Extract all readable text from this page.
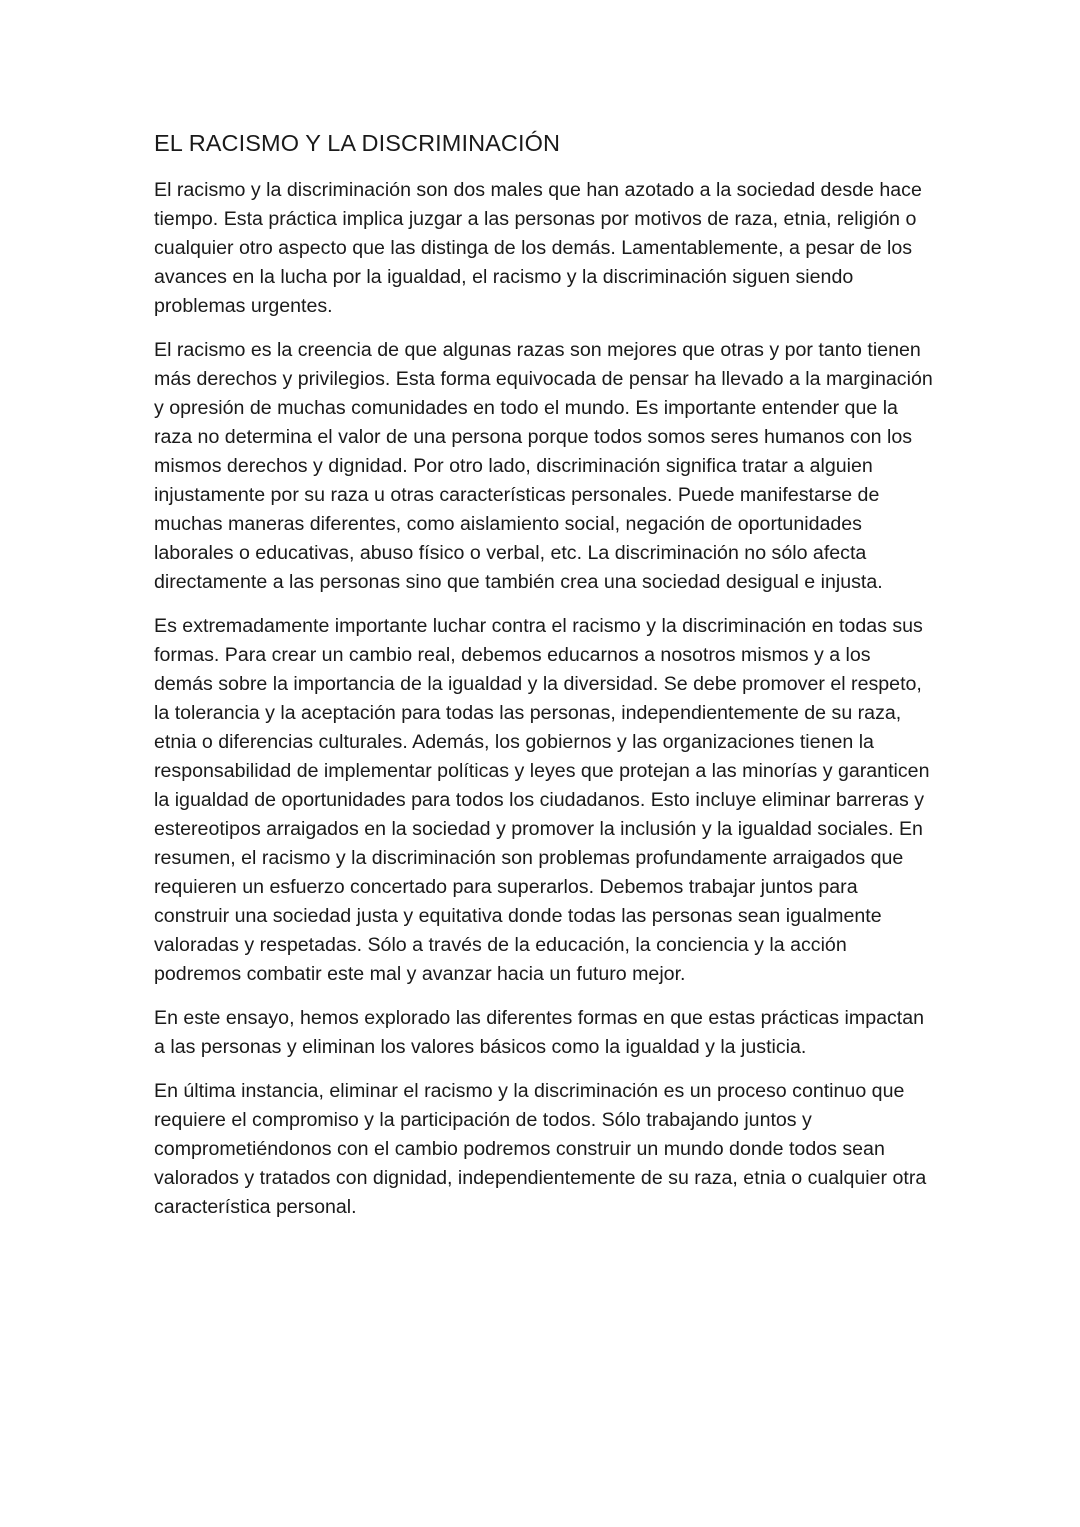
EL RACISMO Y LA DISCRIMINACIÓN

El racismo y la discriminación son dos males que han azotado a la sociedad desde hace tiempo. Esta práctica implica juzgar a las personas por motivos de raza, etnia, religión o cualquier otro aspecto que las distinga de los demás. Lamentablemente, a pesar de los avances en la lucha por la igualdad, el racismo y la discriminación siguen siendo problemas urgentes.

El racismo es la creencia de que algunas razas son mejores que otras y por tanto tienen más derechos y privilegios. Esta forma equivocada de pensar ha llevado a la marginación y opresión de muchas comunidades en todo el mundo. Es importante entender que la raza no determina el valor de una persona porque todos somos seres humanos con los mismos derechos y dignidad. Por otro lado, discriminación significa tratar a alguien injustamente por su raza u otras características personales. Puede manifestarse de muchas maneras diferentes, como aislamiento social, negación de oportunidades laborales o educativas, abuso físico o verbal, etc. La discriminación no sólo afecta directamente a las personas sino que también crea una sociedad desigual e injusta.

Es extremadamente importante luchar contra el racismo y la discriminación en todas sus formas. Para crear un cambio real, debemos educarnos a nosotros mismos y a los demás sobre la importancia de la igualdad y la diversidad. Se debe promover el respeto, la tolerancia y la aceptación para todas las personas, independientemente de su raza, etnia o diferencias culturales. Además, los gobiernos y las organizaciones tienen la responsabilidad de implementar políticas y leyes que protejan a las minorías y garanticen la igualdad de oportunidades para todos los ciudadanos. Esto incluye eliminar barreras y estereotipos arraigados en la sociedad y promover la inclusión y la igualdad sociales. En resumen, el racismo y la discriminación son problemas profundamente arraigados que requieren un esfuerzo concertado para superarlos. Debemos trabajar juntos para construir una sociedad justa y equitativa donde todas las personas sean igualmente valoradas y respetadas. Sólo a través de la educación, la conciencia y la acción podremos combatir este mal y avanzar hacia un futuro mejor.

En este ensayo, hemos explorado las diferentes formas en que estas prácticas impactan a las personas y eliminan los valores básicos como la igualdad y la justicia.

En última instancia, eliminar el racismo y la discriminación es un proceso continuo que requiere el compromiso y la participación de todos. Sólo trabajando juntos y comprometiéndonos con el cambio podremos construir un mundo donde todos sean valorados y tratados con dignidad, independientemente de su raza, etnia o cualquier otra característica personal.
